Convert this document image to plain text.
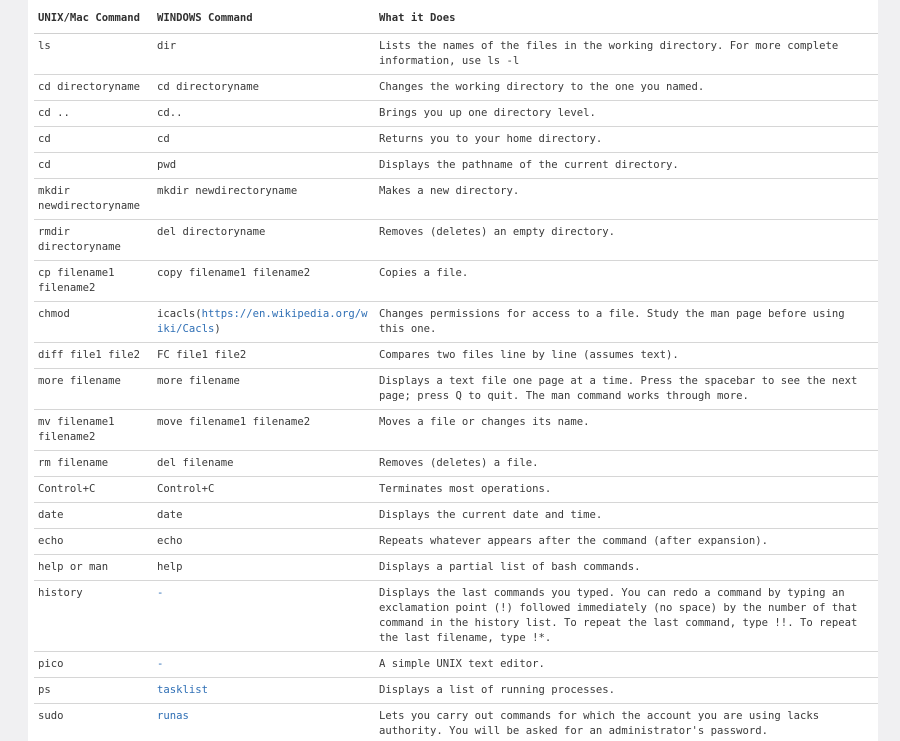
UNIX/Mac Command	WINDOWS Command	What it Does
ls	dir	Lists the names of the files in the working directory. For more complete information, use ls -l
cd directoryname	cd directoryname	Changes the working directory to the one you named.
cd ..	cd..	Brings you up one directory level.
cd	cd	Returns you to your home directory.
cd	pwd	Displays the pathname of the current directory.
mkdir newdirectoryname	mkdir newdirectoryname	Makes a new directory.
rmdir directoryname	del directoryname	Removes (deletes) an empty directory.
cp filename1 filename2	copy filename1 filename2	Copies a file.
chmod	icacls(https://en.wikipedia.org/wiki/Cacls)	Changes permissions for access to a file. Study the man page before using this one.
diff file1 file2	FC file1 file2	Compares two files line by line (assumes text).
more filename	more filename	Displays a text file one page at a time. Press the spacebar to see the next page; press Q to quit. The man command works through more.
mv filename1 filename2	move filename1 filename2	Moves a file or changes its name.
rm filename	del filename	Removes (deletes) a file.
Control+C	Control+C	Terminates most operations.
date	date	Displays the current date and time.
echo	echo	Repeats whatever appears after the command (after expansion).
help or man	help	Displays a partial list of bash commands.
history	-	Displays the last commands you typed. You can redo a command by typing an exclamation point (!) followed immediately (no space) by the number of that command in the history list. To repeat the last command, type !!. To repeat the last filename, type !*.
pico	-	A simple UNIX text editor.
ps	tasklist	Displays a list of running processes.
sudo	runas	Lets you carry out commands for which the account you are using lacks authority. You will be asked for an administrator's password.
